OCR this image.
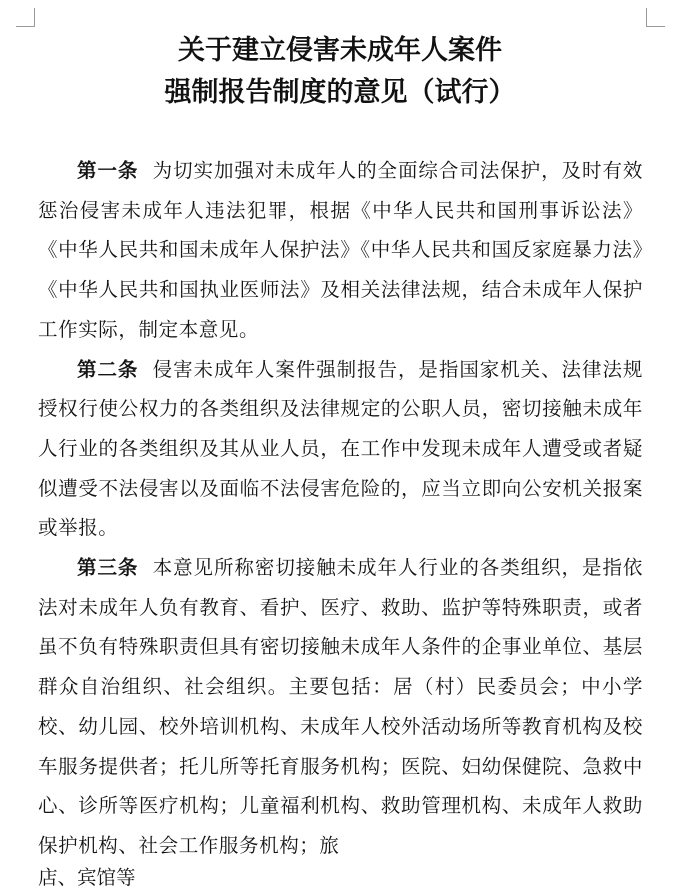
关于建立侵害未成年人案件
强制报告制度的意见（试行）

第一条 为切实加强对未成年人的全面综合司法保护，及时有效惩治侵害未成年人违法犯罪，根据《中华人民共和国刑事诉讼法》《中华人民共和国未成年人保护法》《中华人民共和国反家庭暴力法》《中华人民共和国执业医师法》及相关法律法规，结合未成年人保护工作实际，制定本意见。

第二条 侵害未成年人案件强制报告，是指国家机关、法律法规授权行使公权力的各类组织及法律规定的公职人员，密切接触未成年人行业的各类组织及其从业人员，在工作中发现未成年人遭受或者疑似遭受不法侵害以及面临不法侵害危险的，应当立即向公安机关报案或举报。

第三条 本意见所称密切接触未成年人行业的各类组织，是指依法对未成年人负有教育、看护、医疗、救助、监护等特殊职责，或者虽不负有特殊职责但具有密切接触未成年人条件的企事业单位、基层群众自治组织、社会组织。主要包括：居（村）民委员会；中小学校、幼儿园、校外培训机构、未成年人校外活动场所等教育机构及校车服务提供者；托儿所等托育服务机构；医院、妇幼保健院、急救中心、诊所等医疗机构；儿童福利机构、救助管理机构、未成年人救助保护机构、社会工作服务机构；旅

店、宾馆等
